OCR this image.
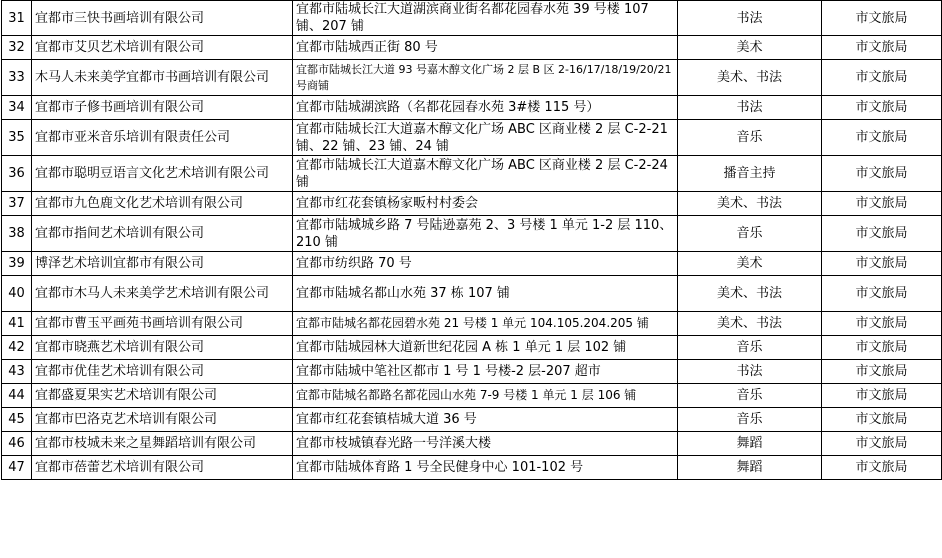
31	宜都市三快书画培训有限公司	宜都市陆城长江大道湖滨商业街名都花园春水苑 39 号楼 107 铺、207 铺	书法	市文旅局
32	宜都市艾贝艺术培训有限公司	宜都市陆城西正街 80 号	美术	市文旅局
33	木马人未来美学宜都市书画培训有限公司	宜都市陆城长江大道 93 号嘉木醇文化广场 2 层 B 区 2-16/17/18/19/20/21 号商铺	美术、书法	市文旅局
34	宜都市子修书画培训有限公司	宜都市陆城湖滨路（名都花园春水苑 3#楼 115 号）	书法	市文旅局
35	宜都市亚米音乐培训有限责任公司	宜都市陆城长江大道嘉木醇文化广场 ABC 区商业楼 2 层 C-2-21 铺、22 铺、23 铺、24 铺	音乐	市文旅局
36	宜都市聪明豆语言文化艺术培训有限公司	宜都市陆城长江大道嘉木醇文化广场 ABC 区商业楼 2 层 C-2-24 铺	播音主持	市文旅局
37	宜都市九色鹿文化艺术培训有限公司	宜都市红花套镇杨家畈村村委会	美术、书法	市文旅局
38	宜都市指间艺术培训有限公司	宜都市陆城城乡路 7 号陆逊嘉苑 2、3 号楼 1 单元 1-2 层 110、210 铺	音乐	市文旅局
39	博泽艺术培训宜都市有限公司	宜都市纺织路 70 号	美术	市文旅局
40	宜都市木马人未来美学艺术培训有限公司	宜都市陆城名都山水苑 37 栋 107 铺	美术、书法	市文旅局
41	宜都市曹玉平画苑书画培训有限公司	宜都市陆城名都花园碧水苑 21 号楼 1 单元 104.105.204.205 铺	美术、书法	市文旅局
42	宜都市晓燕艺术培训有限公司	宜都市陆城园林大道新世纪花园 A 栋 1 单元 1 层 102 铺	音乐	市文旅局
43	宜都市优佳艺术培训有限公司	宜都市陆城中笔社区都市 1 号 1 号楼-2 层-207 超市	书法	市文旅局
44	宜都盛夏果实艺术培训有限公司	宜都市陆城名都路名都花园山水苑 7-9 号楼 1 单元 1 层 106 铺	音乐	市文旅局
45	宜都市巴洛克艺术培训有限公司	宜都市红花套镇桔城大道 36 号	音乐	市文旅局
46	宜都市枝城未来之星舞蹈培训有限公司	宜都市枝城镇春光路一号洋溪大楼	舞蹈	市文旅局
47	宜都市蓓蕾艺术培训有限公司	宜都市陆城体育路 1 号全民健身中心 101-102 号	舞蹈	市文旅局
